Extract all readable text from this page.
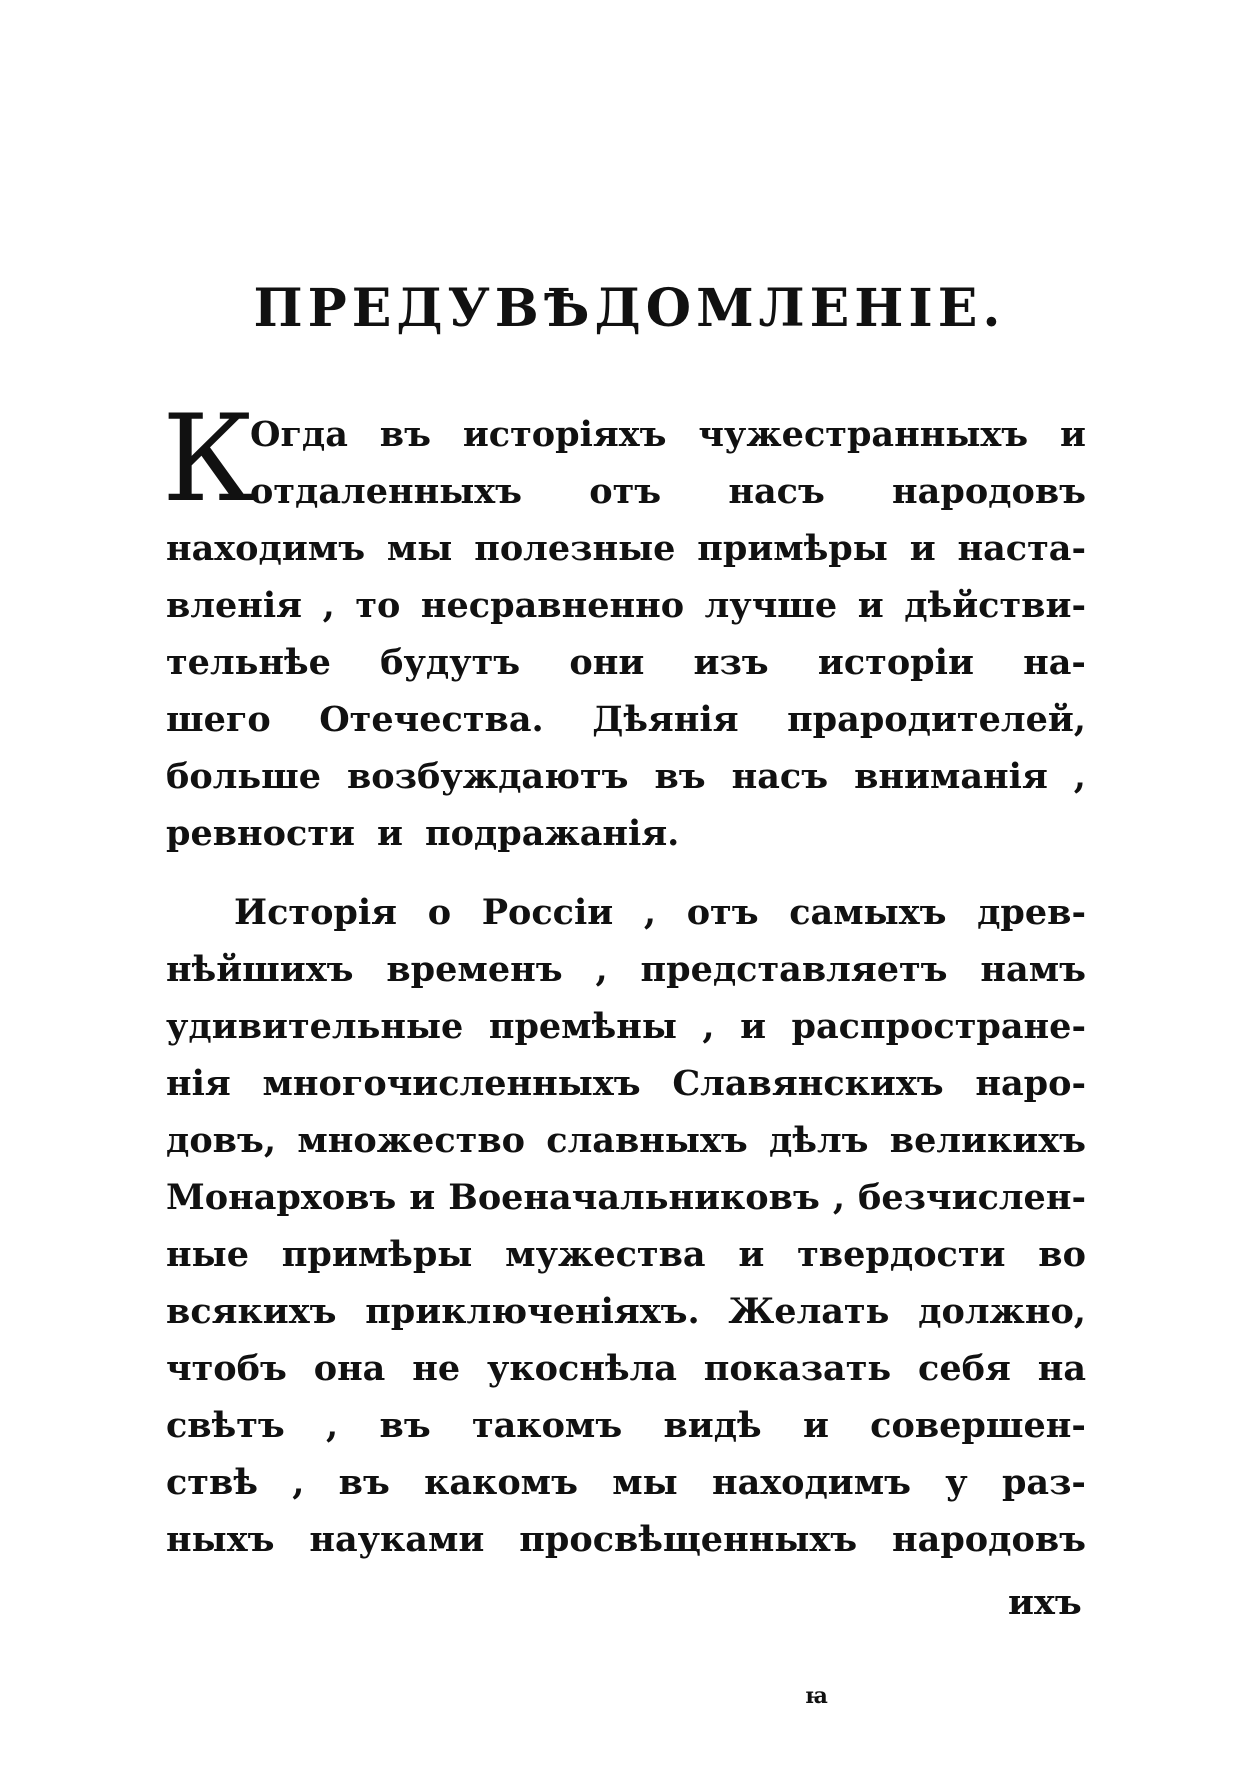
ПРЕДУВѢДОМЛЕНІЕ.
К
Огда въ исторіяхъ чужестранныхъ и
отдаленныхъ отъ насъ народовъ
находимъ мы полезные примѣры и наста-
вленія , то несравненно лучше и дѣйстви-
тельнѣе будутъ они изъ исторіи на-
шего Отечества. Дѣянія прародителей,
больше возбуждаютъ въ насъ вниманія ,
ревности и подражанія.
Исторія о Россіи , отъ самыхъ древ-
нѣйшихъ временъ , представляетъ намъ
удивительные премѣны , и распростране-
нія многочисленныхъ Славянскихъ наро-
довъ, множество славныхъ дѣлъ великихъ
Монарховъ и Военачальниковъ , безчислен-
ные примѣры мужества и твердости во
всякихъ приключеніяхъ. Желать должно,
чтобъ она не укоснѣла показать себя на
свѣтъ , въ такомъ видѣ и совершен-
ствѣ , въ какомъ мы находимъ у раз-
ныхъ науками просвѣщенныхъ народовъ
ихъ
ꙗ
